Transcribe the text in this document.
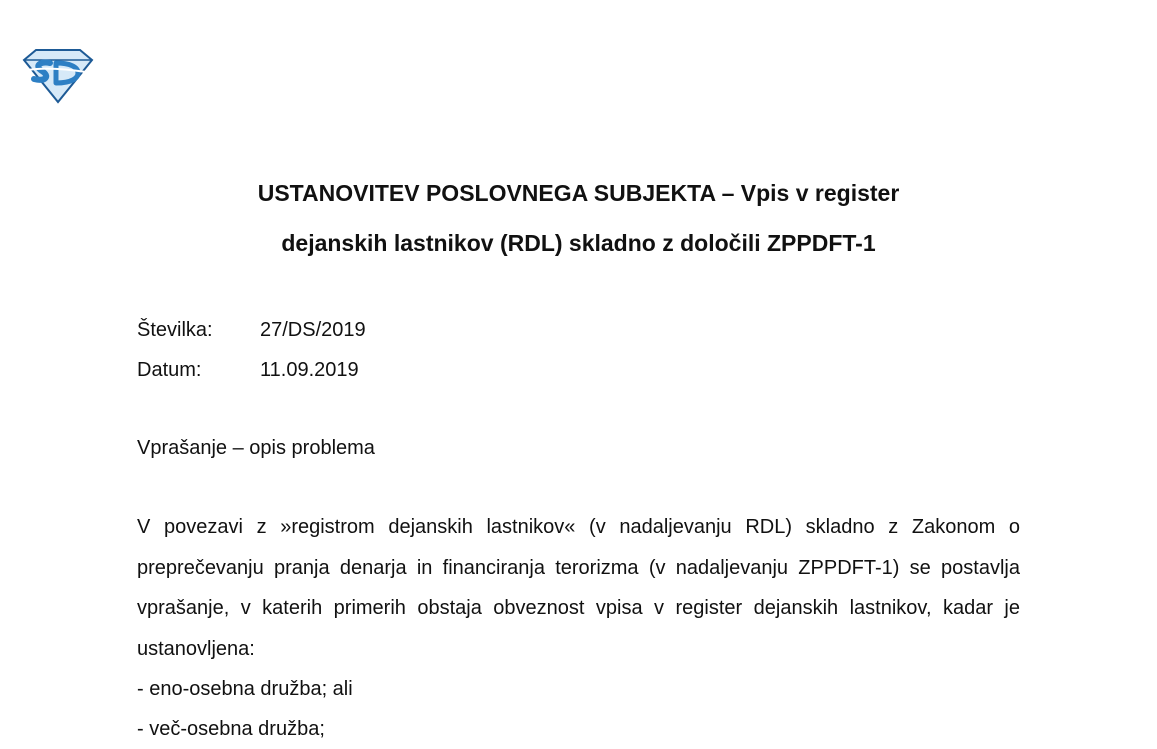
USTANOVITEV POSLOVNEGA SUBJEKTA – Vpis v register
dejanskih lastnikov (RDL) skladno z določili ZPPDFT-1
Številka:	27/DS/2019
Datum:	11.09.2019
Vprašanje – opis problema
V povezavi z »registrom dejanskih lastnikov« (v nadaljevanju RDL) skladno z Zakonom o preprečevanju pranja denarja in financiranja terorizma (v nadaljevanju ZPPDFT-1) se postavlja vprašanje, v katerih primerih obstaja obveznost vpisa v register dejanskih lastnikov, kadar je ustanovljena:
- eno-osebna družba; ali
- več-osebna družba;
